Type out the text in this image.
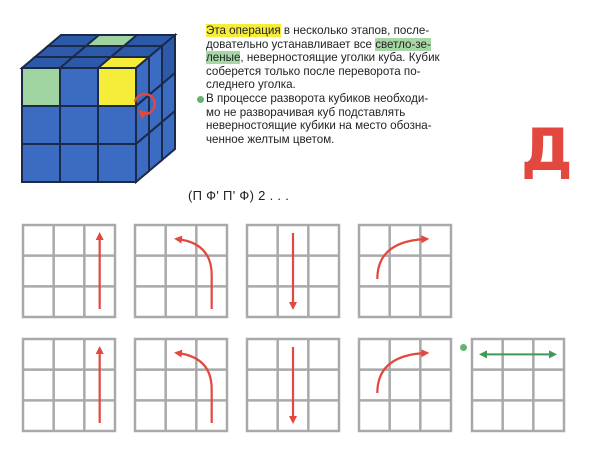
Эта операция в несколько этапов, после-
довательно устанавливает все светло-зе-
леные, неверностоящие уголки куба. Кубик
соберется только после переворота по-
следнего уголка.
В процессе разворота кубиков необходи-
мо не разворачивая куб подставлять
неверностоящие кубики на место обозна-
ченное желтым цветом.
(П Ф' П' Ф) 2 . . .
Д
